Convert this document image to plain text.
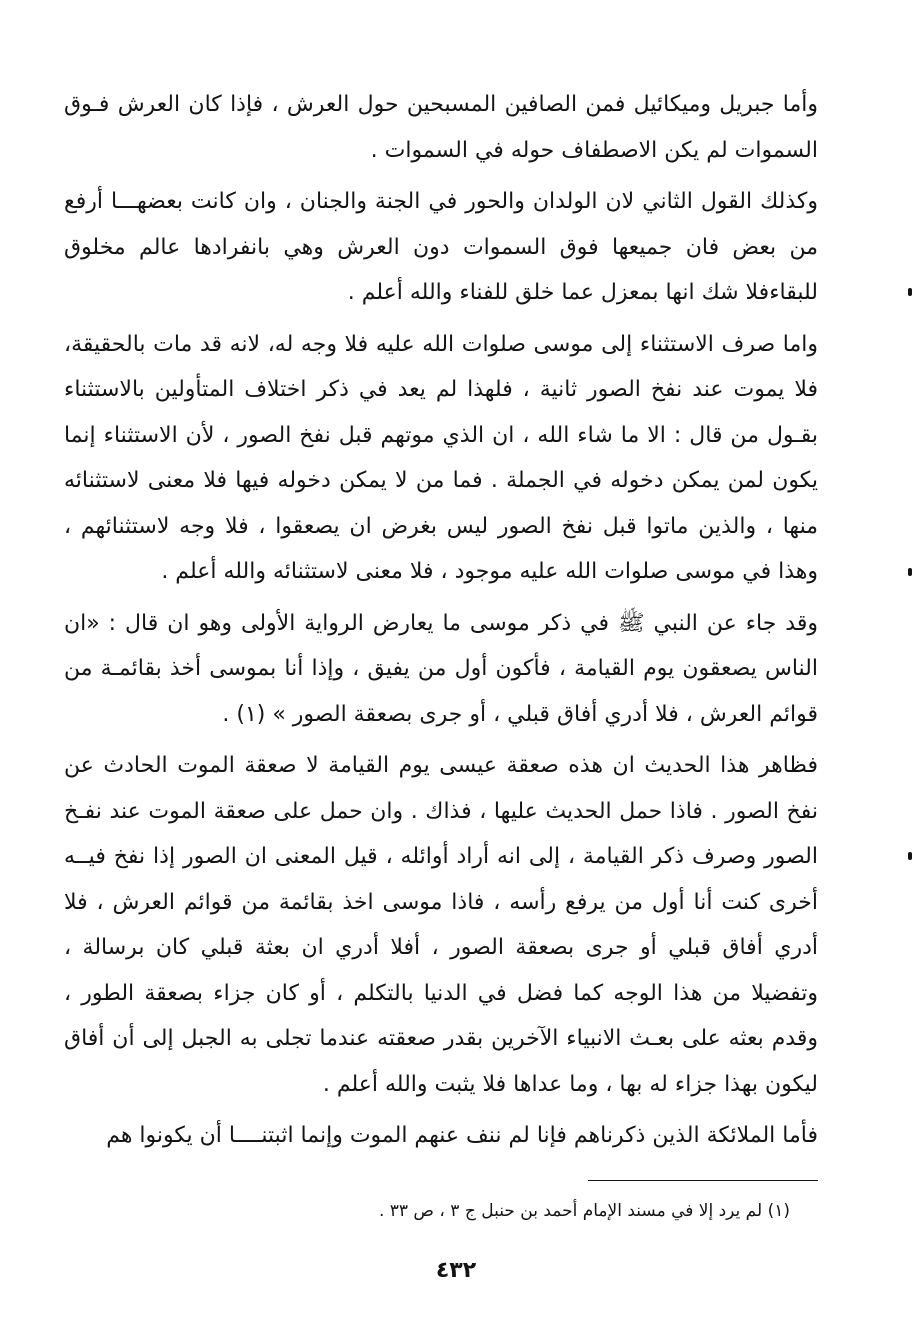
وأما جبريل وميكائيل فمن الصافين المسبحين حول العرش ، فإذا كان العرش فـوق السموات لم يكن الاصطفاف حوله في السموات .

وكذلك القول الثاني لان الولدان والحور في الجنة والجنان ، وان كانت بعضهـــا أرفع من بعض فان جميعها فوق السموات دون العرش وهي بانفرادها عالم مخلوق للبقاءفلا شك انها بمعزل عما خلق للفناء والله أعلم .

واما صرف الاستثناء إلى موسى صلوات الله عليه فلا وجه له، لانه قد مات بالحقيقة، فلا يموت عند نفخ الصور ثانية ، فلهذا لم يعد في ذكر اختلاف المتأولين بالاستثناء بقـول من قال : الا ما شاء الله ، ان الذي موتهم قبل نفخ الصور ، لأن الاستثناء إنما يكون لمن يمكن دخوله في الجملة . فما من لا يمكن دخوله فيها فلا معنى لاستثنائه منها ، والذين ماتوا قبل نفخ الصور ليس بغرض ان يصعقوا ، فلا وجه لاستثنائهم ، وهذا في موسى صلوات الله عليه موجود ، فلا معنى لاستثنائه والله أعلم .

وقد جاء عن النبي ﷺ في ذكر موسى ما يعارض الرواية الأولى وهو ان قال : «ان الناس يصعقون يوم القيامة ، فأكون أول من يفيق ، وإذا أنا بموسى أخذ بقائمـة من قوائم العرش ، فلا أدري أفاق قبلي ، أو جرى بصعقة الصور » (١) .

فظاهر هذا الحديث ان هذه صعقة عيسى يوم القيامة لا صعقة الموت الحادث عن نفخ الصور . فاذا حمل الحديث عليها ، فذاك . وان حمل على صعقة الموت عند نفـخ الصور وصرف ذكر القيامة ، إلى انه أراد أوائله ، قيل المعنى ان الصور إذا نفخ فيــه أخرى كنت أنا أول من يرفع رأسه ، فاذا موسى اخذ بقائمة من قوائم العرش ، فلا أدري أفاق قبلي أو جرى بصعقة الصور ، أفلا أدري ان بعثة قبلي كان برسالة ، وتفضيلا من هذا الوجه كما فضل في الدنيا بالتكلم ، أو كان جزاء بصعقة الطور ، وقدم بعثه على بعـث الانبياء الآخرين بقدر صعقته عندما تجلى به الجبل إلى أن أفاق ليكون بهذا جزاء له بها ، وما عداها فلا يثبت والله أعلم .

فأما الملائكة الذين ذكرناهم فإنا لم ننف عنهم الموت وإنما اثبتنــــا أن يكونوا هم

(١) لم يرد إلا في مسند الإمام أحمد بن حنبل ج ٣ ، ص ٣٣ .
٤٣٢
